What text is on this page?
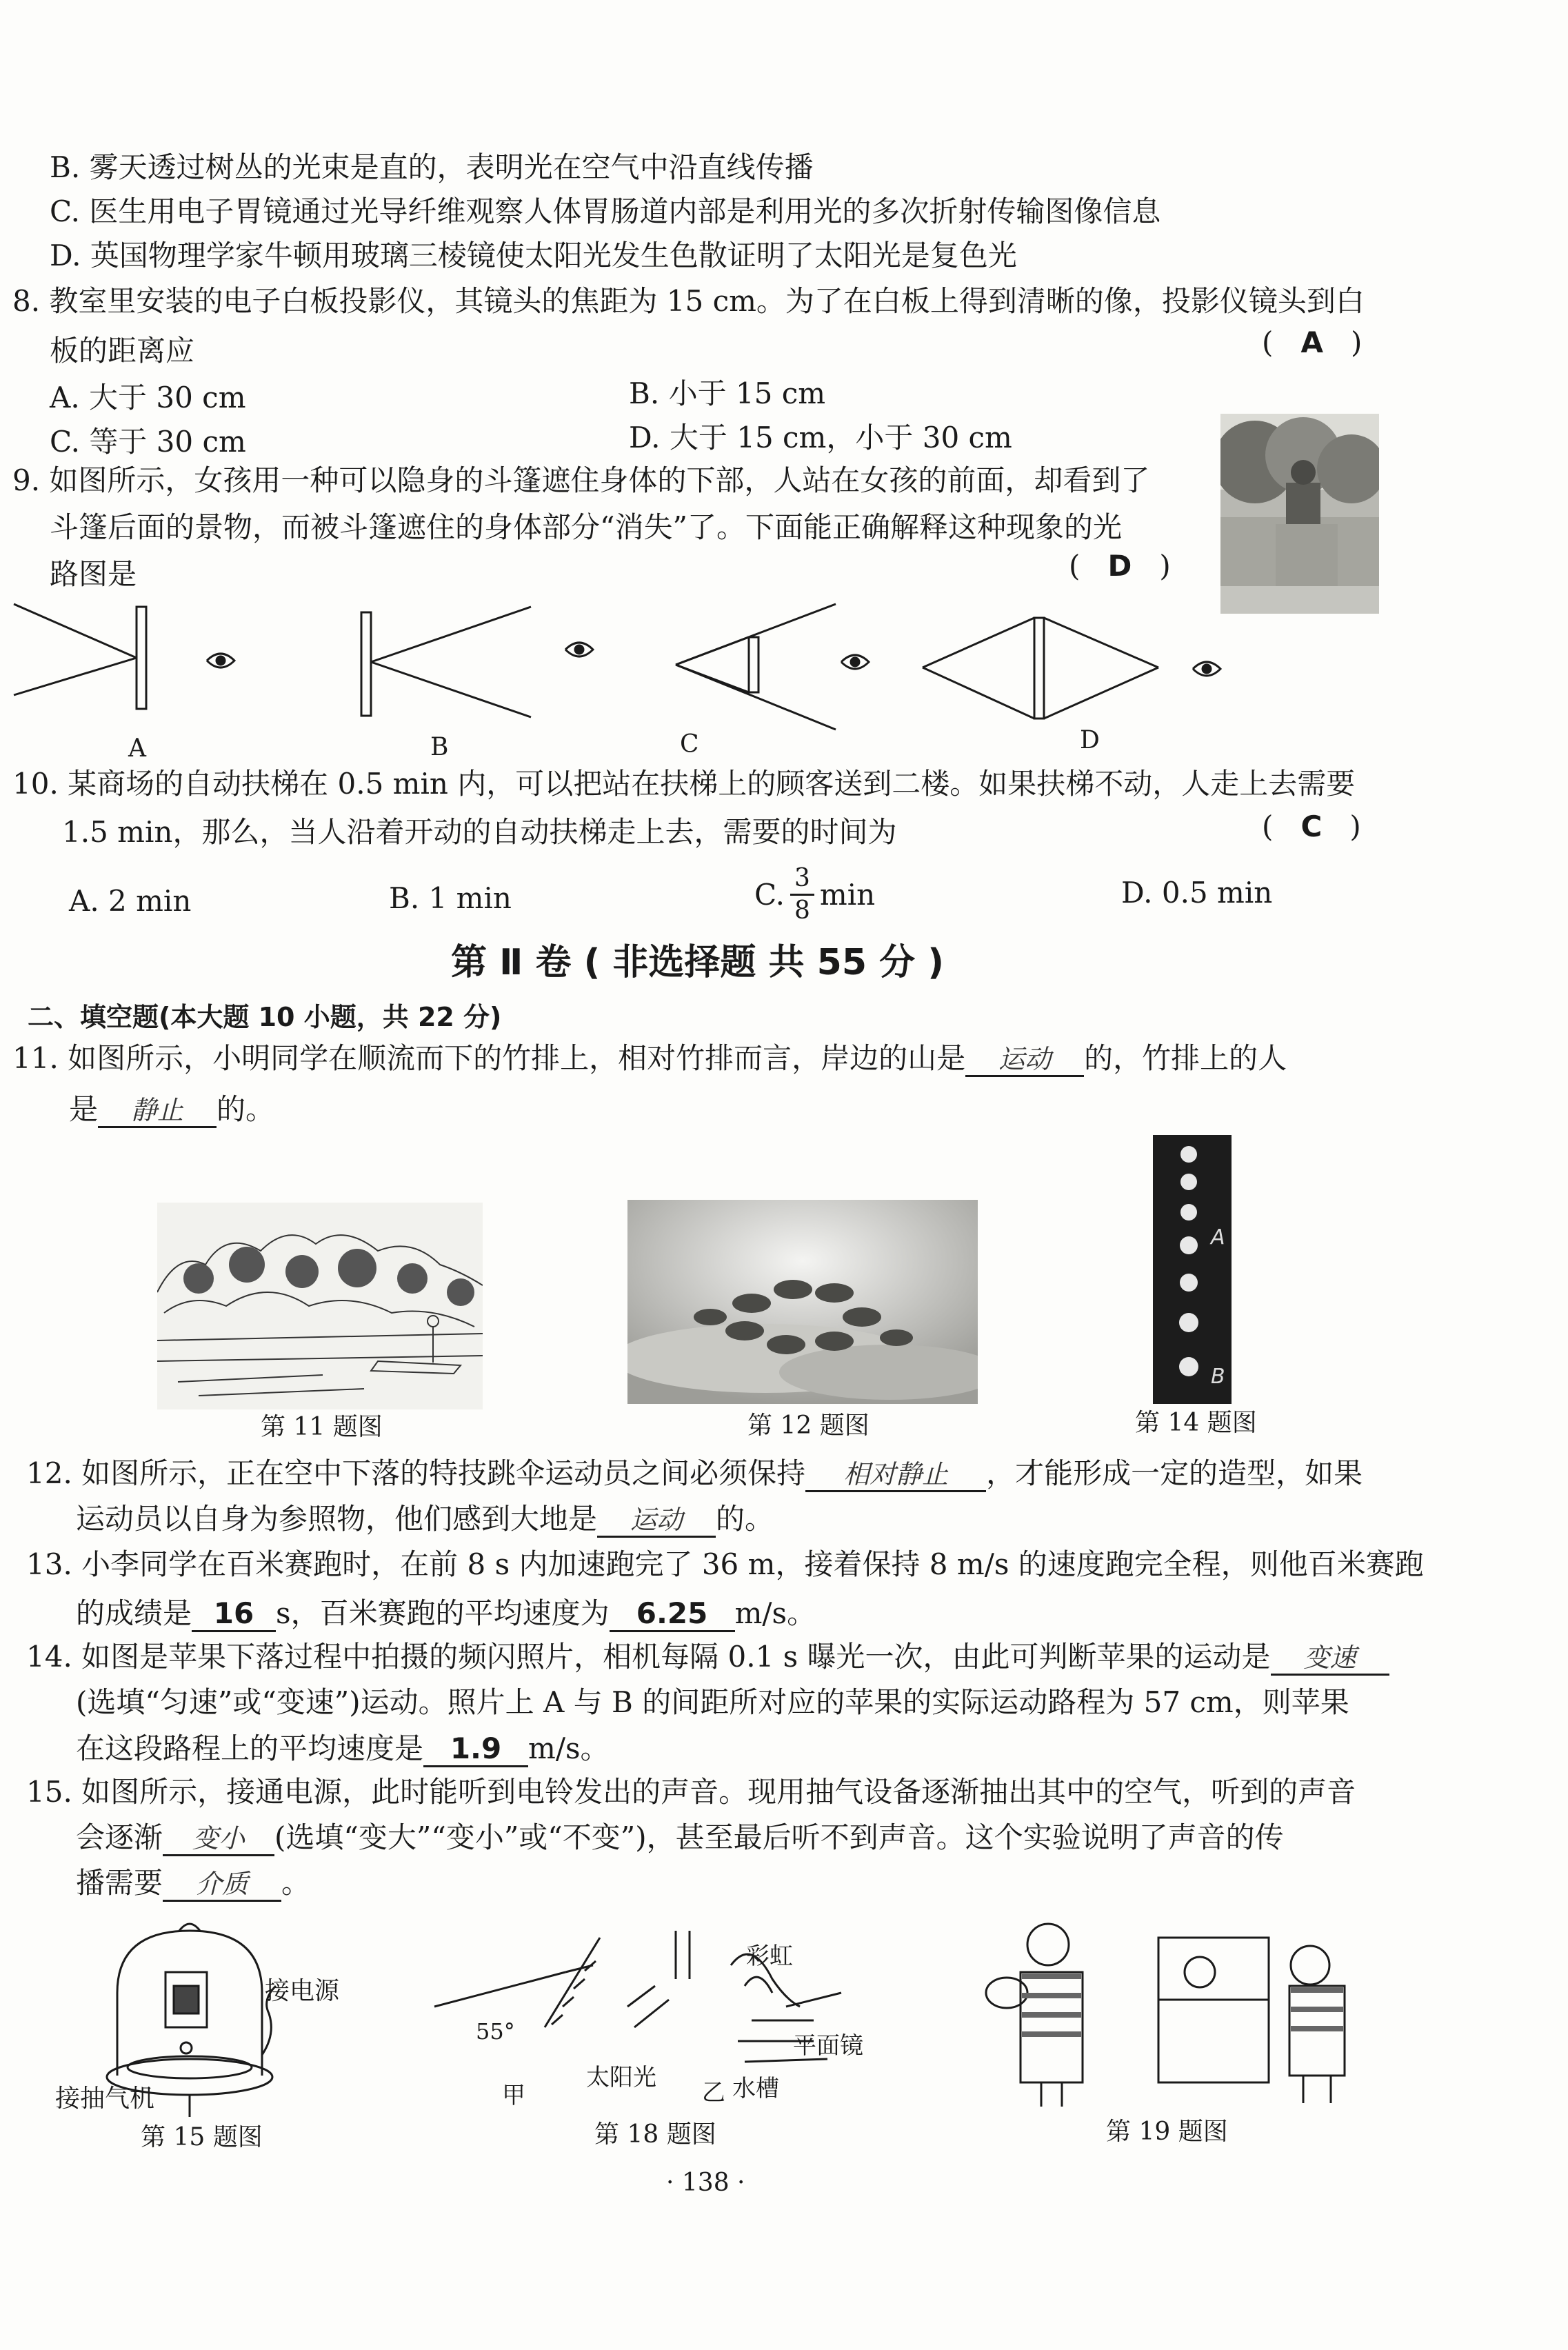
B. 雾天透过树丛的光束是直的，表明光在空气中沿直线传播
C. 医生用电子胃镜通过光导纤维观察人体胃肠道内部是利用光的多次折射传输图像信息
D. 英国物理学家牛顿用玻璃三棱镜使太阳光发生色散证明了太阳光是复色光
8. 教室里安装的电子白板投影仪，其镜头的焦距为 15 cm。为了在白板上得到清晰的像，投影仪镜头到白
板的距离应	(   A   )
A. 大于 30 cm	B. 小于 15 cm
C. 等于 30 cm	D. 大于 15 cm，小于 30 cm
9. 如图所示，女孩用一种可以隐身的斗篷遮住身体的下部，人站在女孩的前面，却看到了
斗篷后面的景物，而被斗篷遮住的身体部分“消失”了。下面能正确解释这种现象的光
路图是	(   D   )
A	B	C	D
10. 某商场的自动扶梯在 0.5 min 内，可以把站在扶梯上的顾客送到二楼。如果扶梯不动，人走上去需要
1.5 min，那么，当人沿着开动的自动扶梯走上去，需要的时间为	(   C   )
A. 2 min	B. 1 min	C. $\frac{3}{8}$ min	D. 0.5 min
第 Ⅱ 卷 ( 非选择题 共 55 分 )
二、填空题(本大题 10 小题，共 22 分)
11. 如图所示，小明同学在顺流而下的竹排上，相对竹排而言，岸边的山是 运动 的，竹排上的人
是 静止 的。
A
B
第 11 题图	第 12 题图	第 14 题图
12. 如图所示，正在空中下落的特技跳伞运动员之间必须保持 相对静止 ，才能形成一定的造型，如果
运动员以自身为参照物，他们感到大地是 运动 的。
13. 小李同学在百米赛跑时，在前 8 s 内加速跑完了 36 m，接着保持 8 m/s 的速度跑完全程，则他百米赛跑
的成绩是 16 s，百米赛跑的平均速度为 6.25 m/s。
14. 如图是苹果下落过程中拍摄的频闪照片，相机每隔 0.1 s 曝光一次，由此可判断苹果的运动是 变速
(选填“匀速”或“变速”)运动。照片上 A 与 B 的间距所对应的苹果的实际运动路程为 57 cm，则苹果
在这段路程上的平均速度是 1.9 m/s。
15. 如图所示，接通电源，此时能听到电铃发出的声音。现用抽气设备逐渐抽出其中的空气，听到的声音
会逐渐 变小 (选填“变大”“变小”或“不变”)，甚至最后听不到声音。这个实验说明了声音的传
播需要 介质 。
接电源
接抽气机
55°
甲
太阳光
乙 水槽
彩虹
平面镜
第 15 题图	第 18 题图	第 19 题图
· 138 ·
